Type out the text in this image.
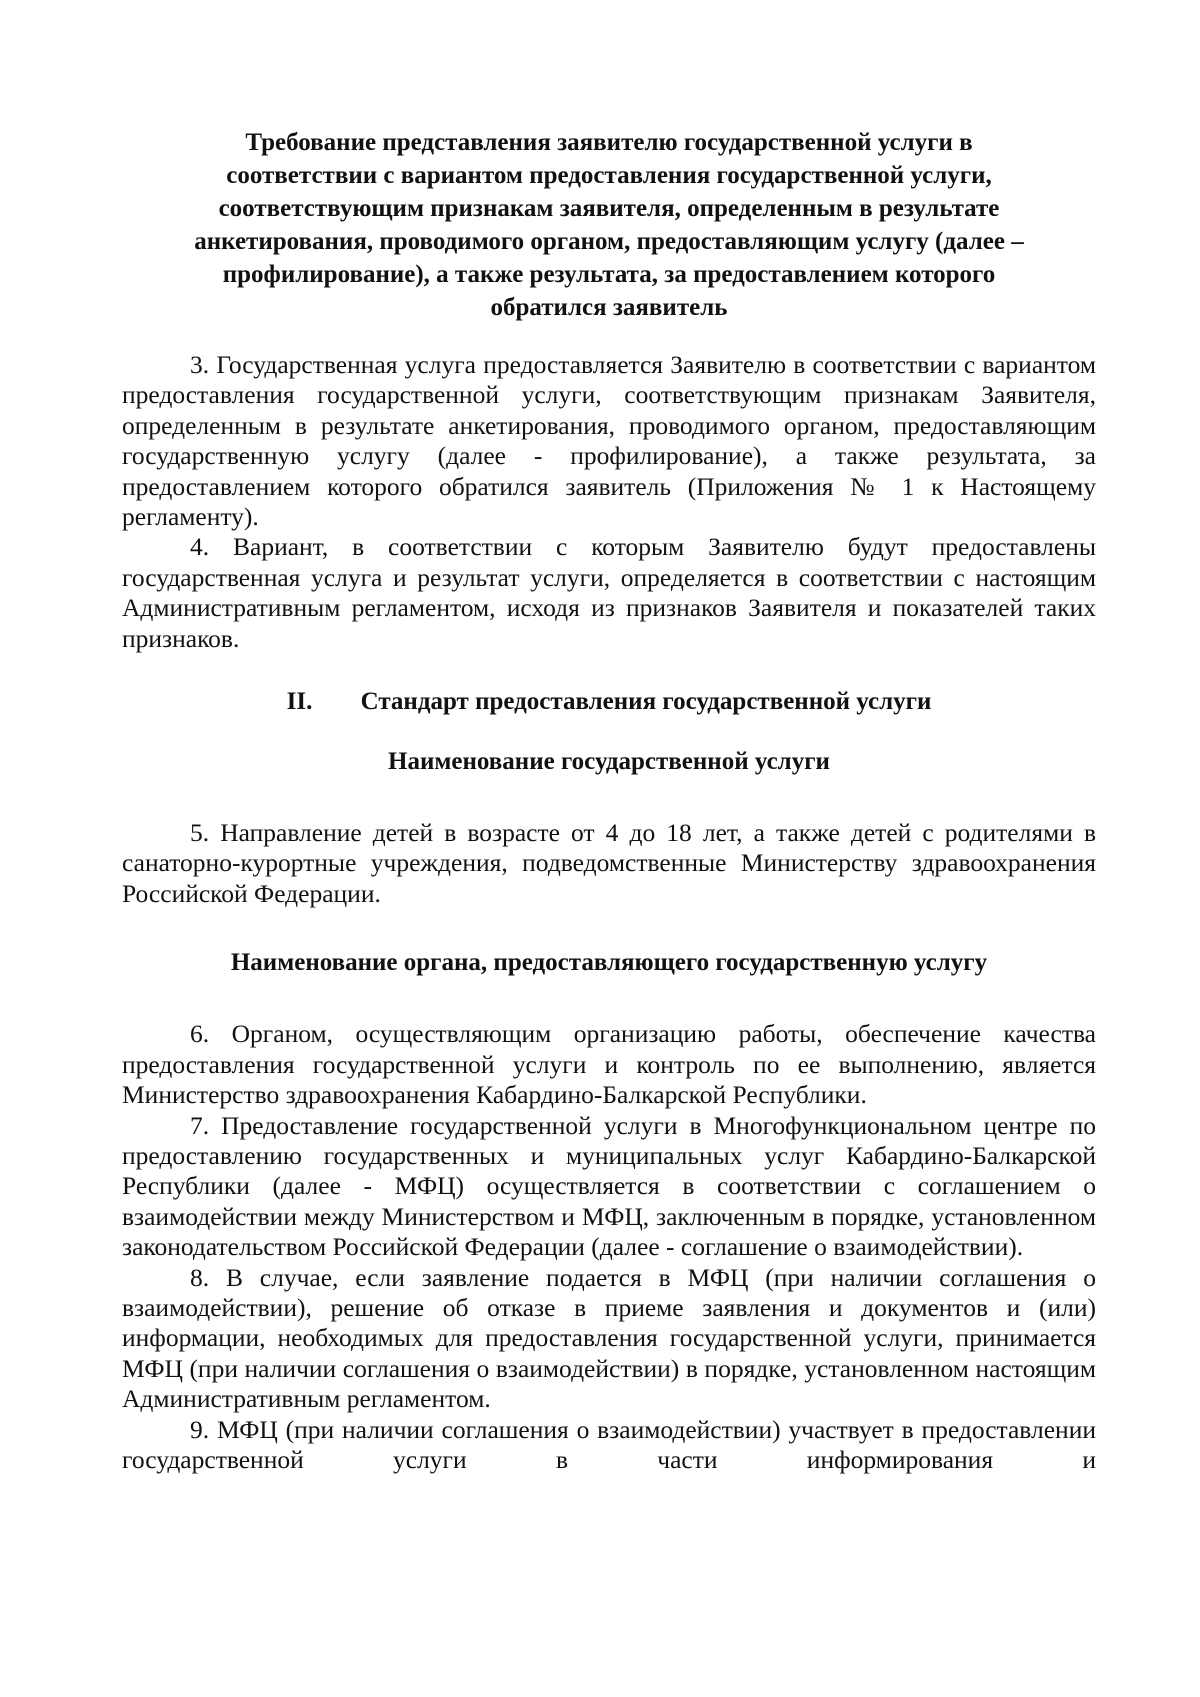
Требование представления заявителю государственной услуги в
соответствии с вариантом предоставления государственной услуги,
соответствующим признакам заявителя, определенным в результате
анкетирования, проводимого органом, предоставляющим услугу (далее –
профилирование), а также результата, за предоставлением которого
обратился заявитель

3. Государственная услуга предоставляется Заявителю в соответствии с вариантом предоставления государственной услуги, соответствующим признакам Заявителя, определенным в результате анкетирования, проводимого органом, предоставляющим государственную услугу (далее - профилирование), а также результата, за предоставлением которого обратился заявитель (Приложения № 1 к Настоящему регламенту).

4. Вариант, в соответствии с которым Заявителю будут предоставлены государственная услуга и результат услуги, определяется в соответствии с настоящим Административным регламентом, исходя из признаков Заявителя и показателей таких признаков.

II. Стандарт предоставления государственной услуги
Наименование государственной услуги

5. Направление детей в возрасте от 4 до 18 лет, а также детей с родителями в санаторно-курортные учреждения, подведомственные Министерству здравоохранения Российской Федерации.

Наименование органа, предоставляющего государственную услугу

6. Органом, осуществляющим организацию работы, обеспечение качества предоставления государственной услуги и контроль по ее выполнению, является Министерство здравоохранения Кабардино-Балкарской Республики.

7. Предоставление государственной услуги в Многофункциональном центре по предоставлению государственных и муниципальных услуг Кабардино-Балкарской Республики (далее - МФЦ) осуществляется в соответствии с соглашением о взаимодействии между Министерством и МФЦ, заключенным в порядке, установленном законодательством Российской Федерации (далее - соглашение о взаимодействии).

8. В случае, если заявление подается в МФЦ (при наличии соглашения о взаимодействии), решение об отказе в приеме заявления и документов и (или) информации, необходимых для предоставления государственной услуги, принимается МФЦ (при наличии соглашения о взаимодействии) в порядке, установленном настоящим Административным регламентом.

9. МФЦ (при наличии соглашения о взаимодействии) участвует в предоставлении государственной услуги в части информирования и
